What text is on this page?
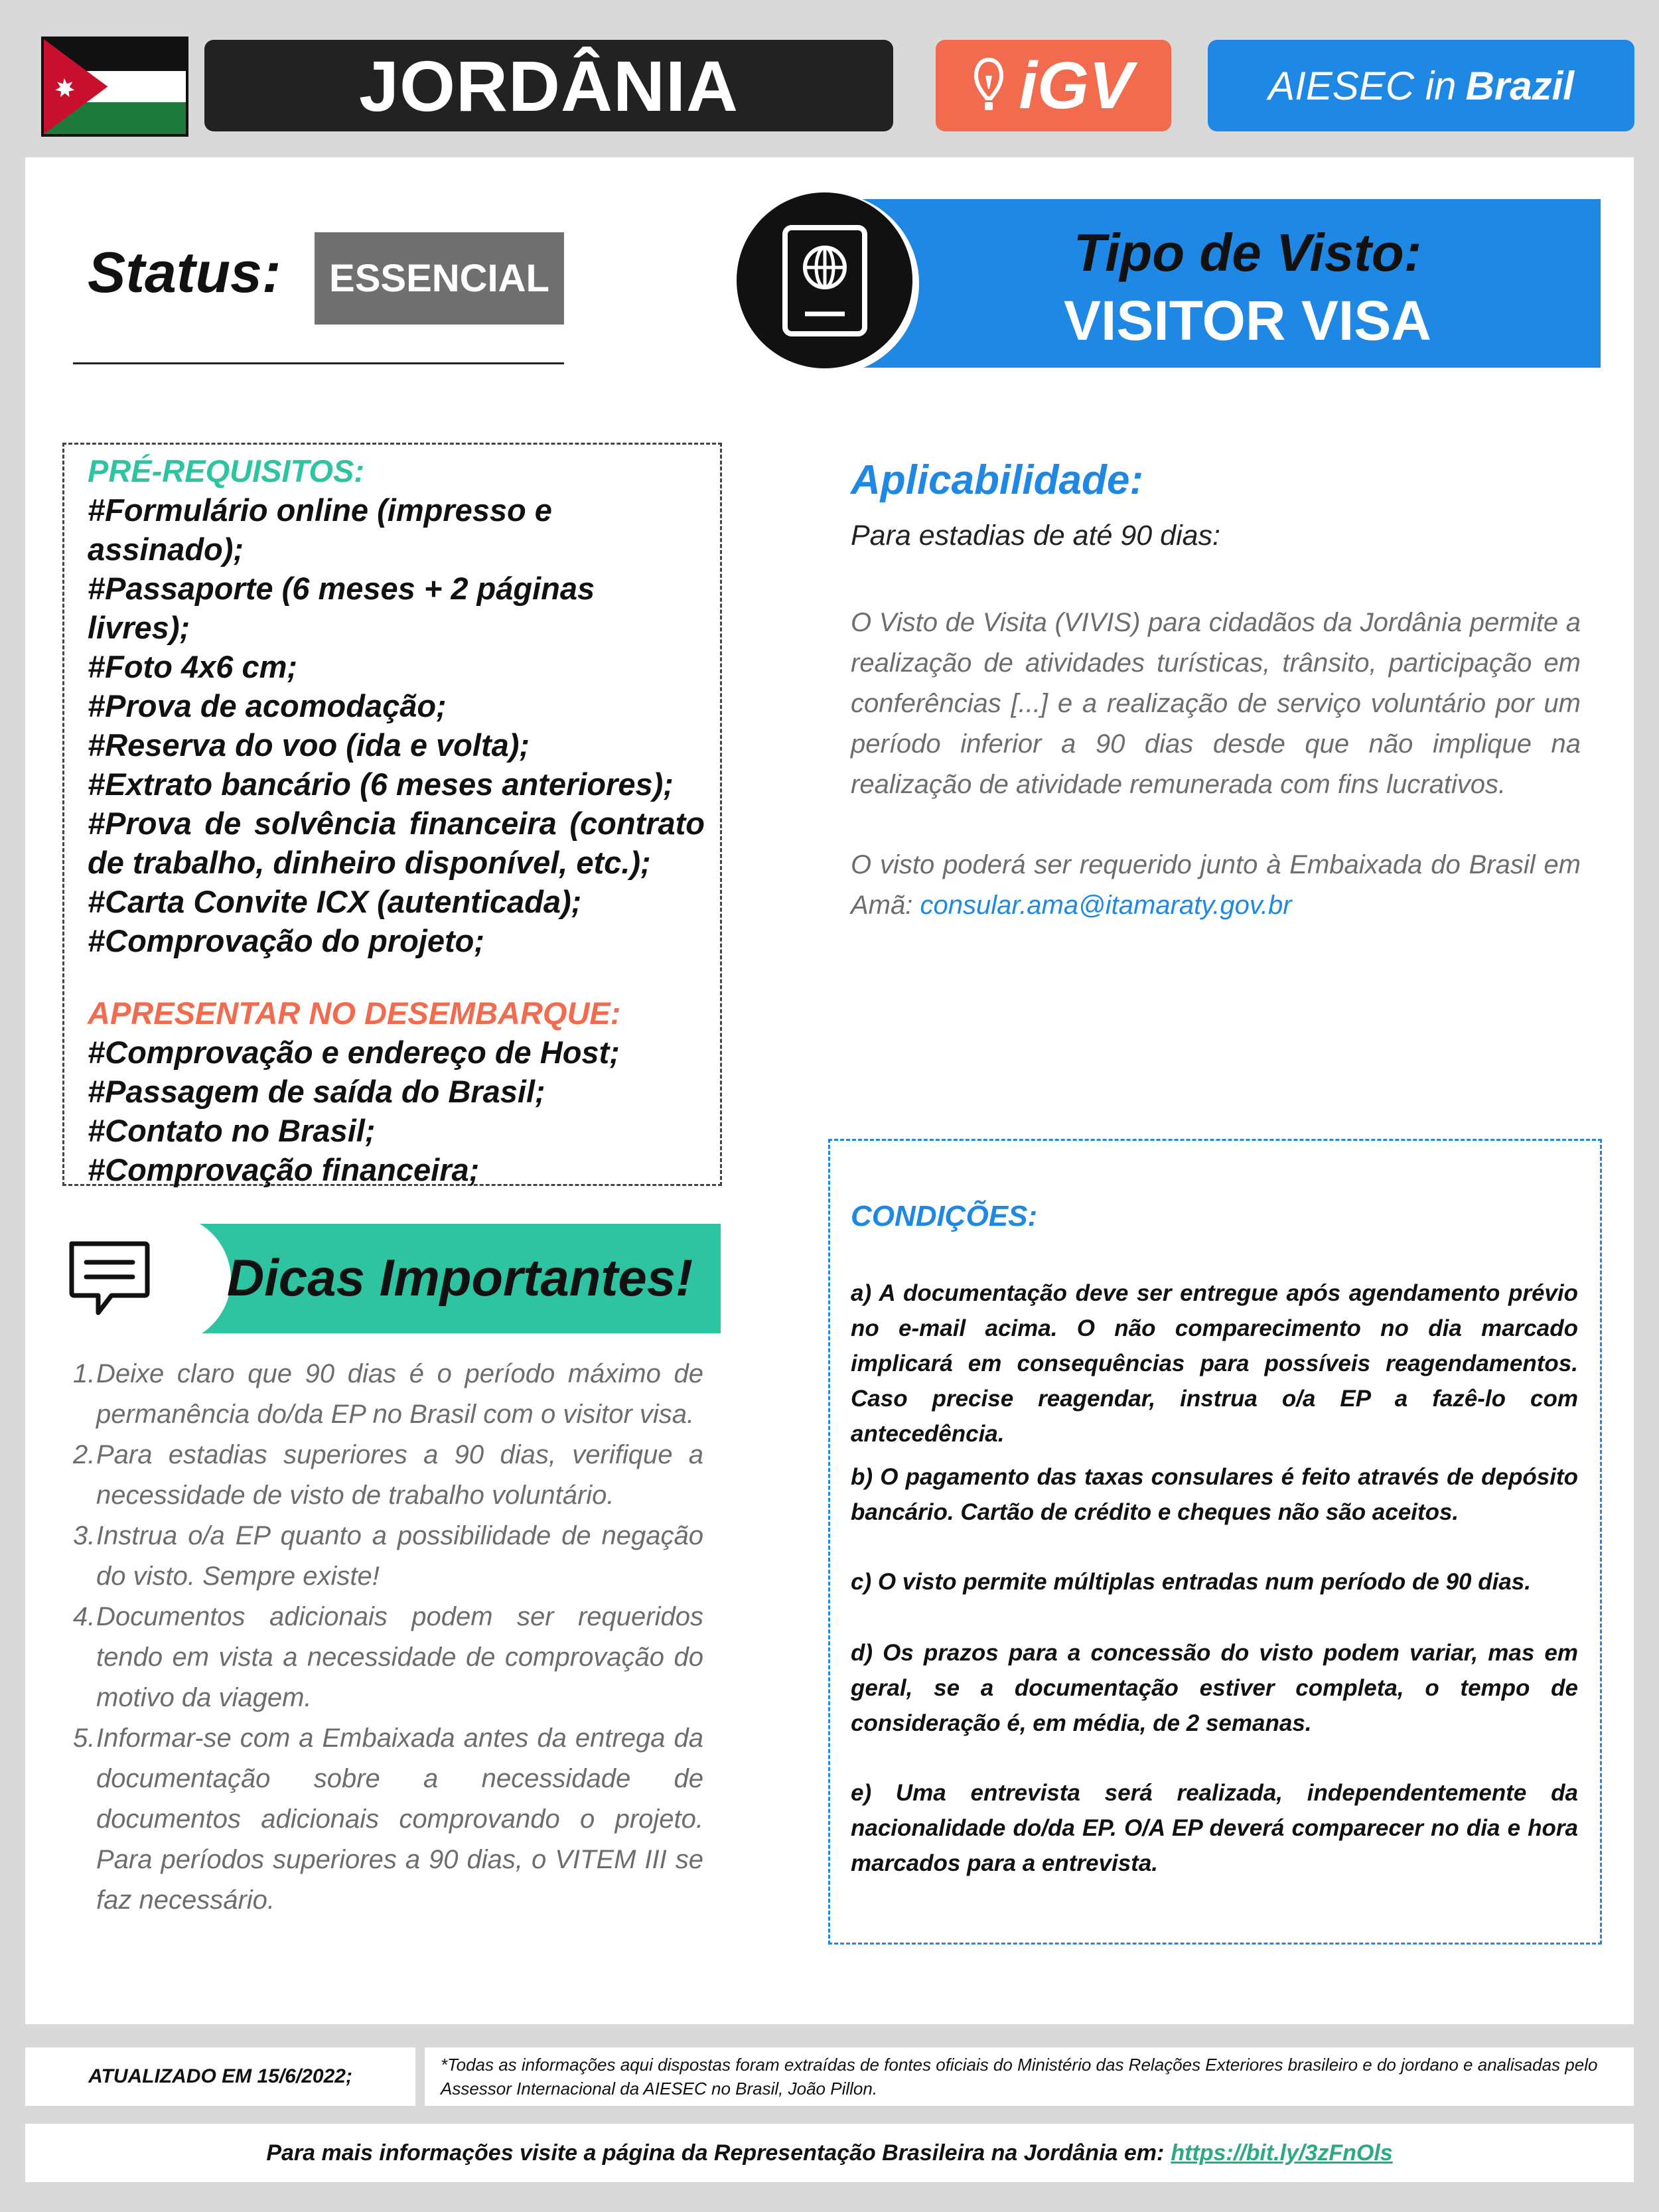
JORDÂNIA	iGV	AIESEC in Brazil
Status:	ESSENCIAL	Tipo de Visto:
VISITOR VISA
PRÉ-REQUISITOS:
#Formulário online (impresso e assinado);
#Passaporte (6 meses + 2 páginas livres);
#Foto 4x6 cm;
#Prova de acomodação;
#Reserva do voo (ida e volta);
#Extrato bancário (6 meses anteriores);
#Prova de solvência financeira (contrato de trabalho, dinheiro disponível, etc.);
#Carta Convite ICX (autenticada);
#Comprovação do projeto;
APRESENTAR NO DESEMBARQUE:
#Comprovação e endereço de Host;
#Passagem de saída do Brasil;
#Contato no Brasil;
#Comprovação financeira;
Aplicabilidade:
Para estadias de até 90 dias:
O Visto de Visita (VIVIS) para cidadãos da Jordânia permite a realização de atividades turísticas, trânsito, participação em conferências [...] e a realização de serviço voluntário por um período inferior a 90 dias desde que não implique na realização de atividade remunerada com fins lucrativos.
O visto poderá ser requerido junto à Embaixada do Brasil em Amã: consular.ama@itamaraty.gov.br
CONDIÇÕES:
a) A documentação deve ser entregue após agendamento prévio no e-mail acima. O não comparecimento no dia marcado implicará em consequências para possíveis reagendamentos. Caso precise reagendar, instrua o/a EP a fazê-lo com antecedência.
b) O pagamento das taxas consulares é feito através de depósito bancário. Cartão de crédito e cheques não são aceitos.
c) O visto permite múltiplas entradas num período de 90 dias.
d) Os prazos para a concessão do visto podem variar, mas em geral, se a documentação estiver completa, o tempo de consideração é, em média, de 2 semanas.
e) Uma entrevista será realizada, independentemente da nacionalidade do/da EP. O/A EP deverá comparecer no dia e hora marcados para a entrevista.
Dicas Importantes!
1. Deixe claro que 90 dias é o período máximo de permanência do/da EP no Brasil com o visitor visa.
2. Para estadias superiores a 90 dias, verifique a necessidade de visto de trabalho voluntário.
3. Instrua o/a EP quanto a possibilidade de negação do visto. Sempre existe!
4. Documentos adicionais podem ser requeridos tendo em vista a necessidade de comprovação do motivo da viagem.
5. Informar-se com a Embaixada antes da entrega da documentação sobre a necessidade de documentos adicionais comprovando o projeto. Para períodos superiores a 90 dias, o VITEM III se faz necessário.
ATUALIZADO EM 15/6/2022;
*Todas as informações aqui dispostas foram extraídas de fontes oficiais do Ministério das Relações Exteriores brasileiro e do jordano e analisadas pelo Assessor Internacional da AIESEC no Brasil, João Pillon.
Para mais informações visite a página da Representação Brasileira na Jordânia em: https://bit.ly/3zFnOls
